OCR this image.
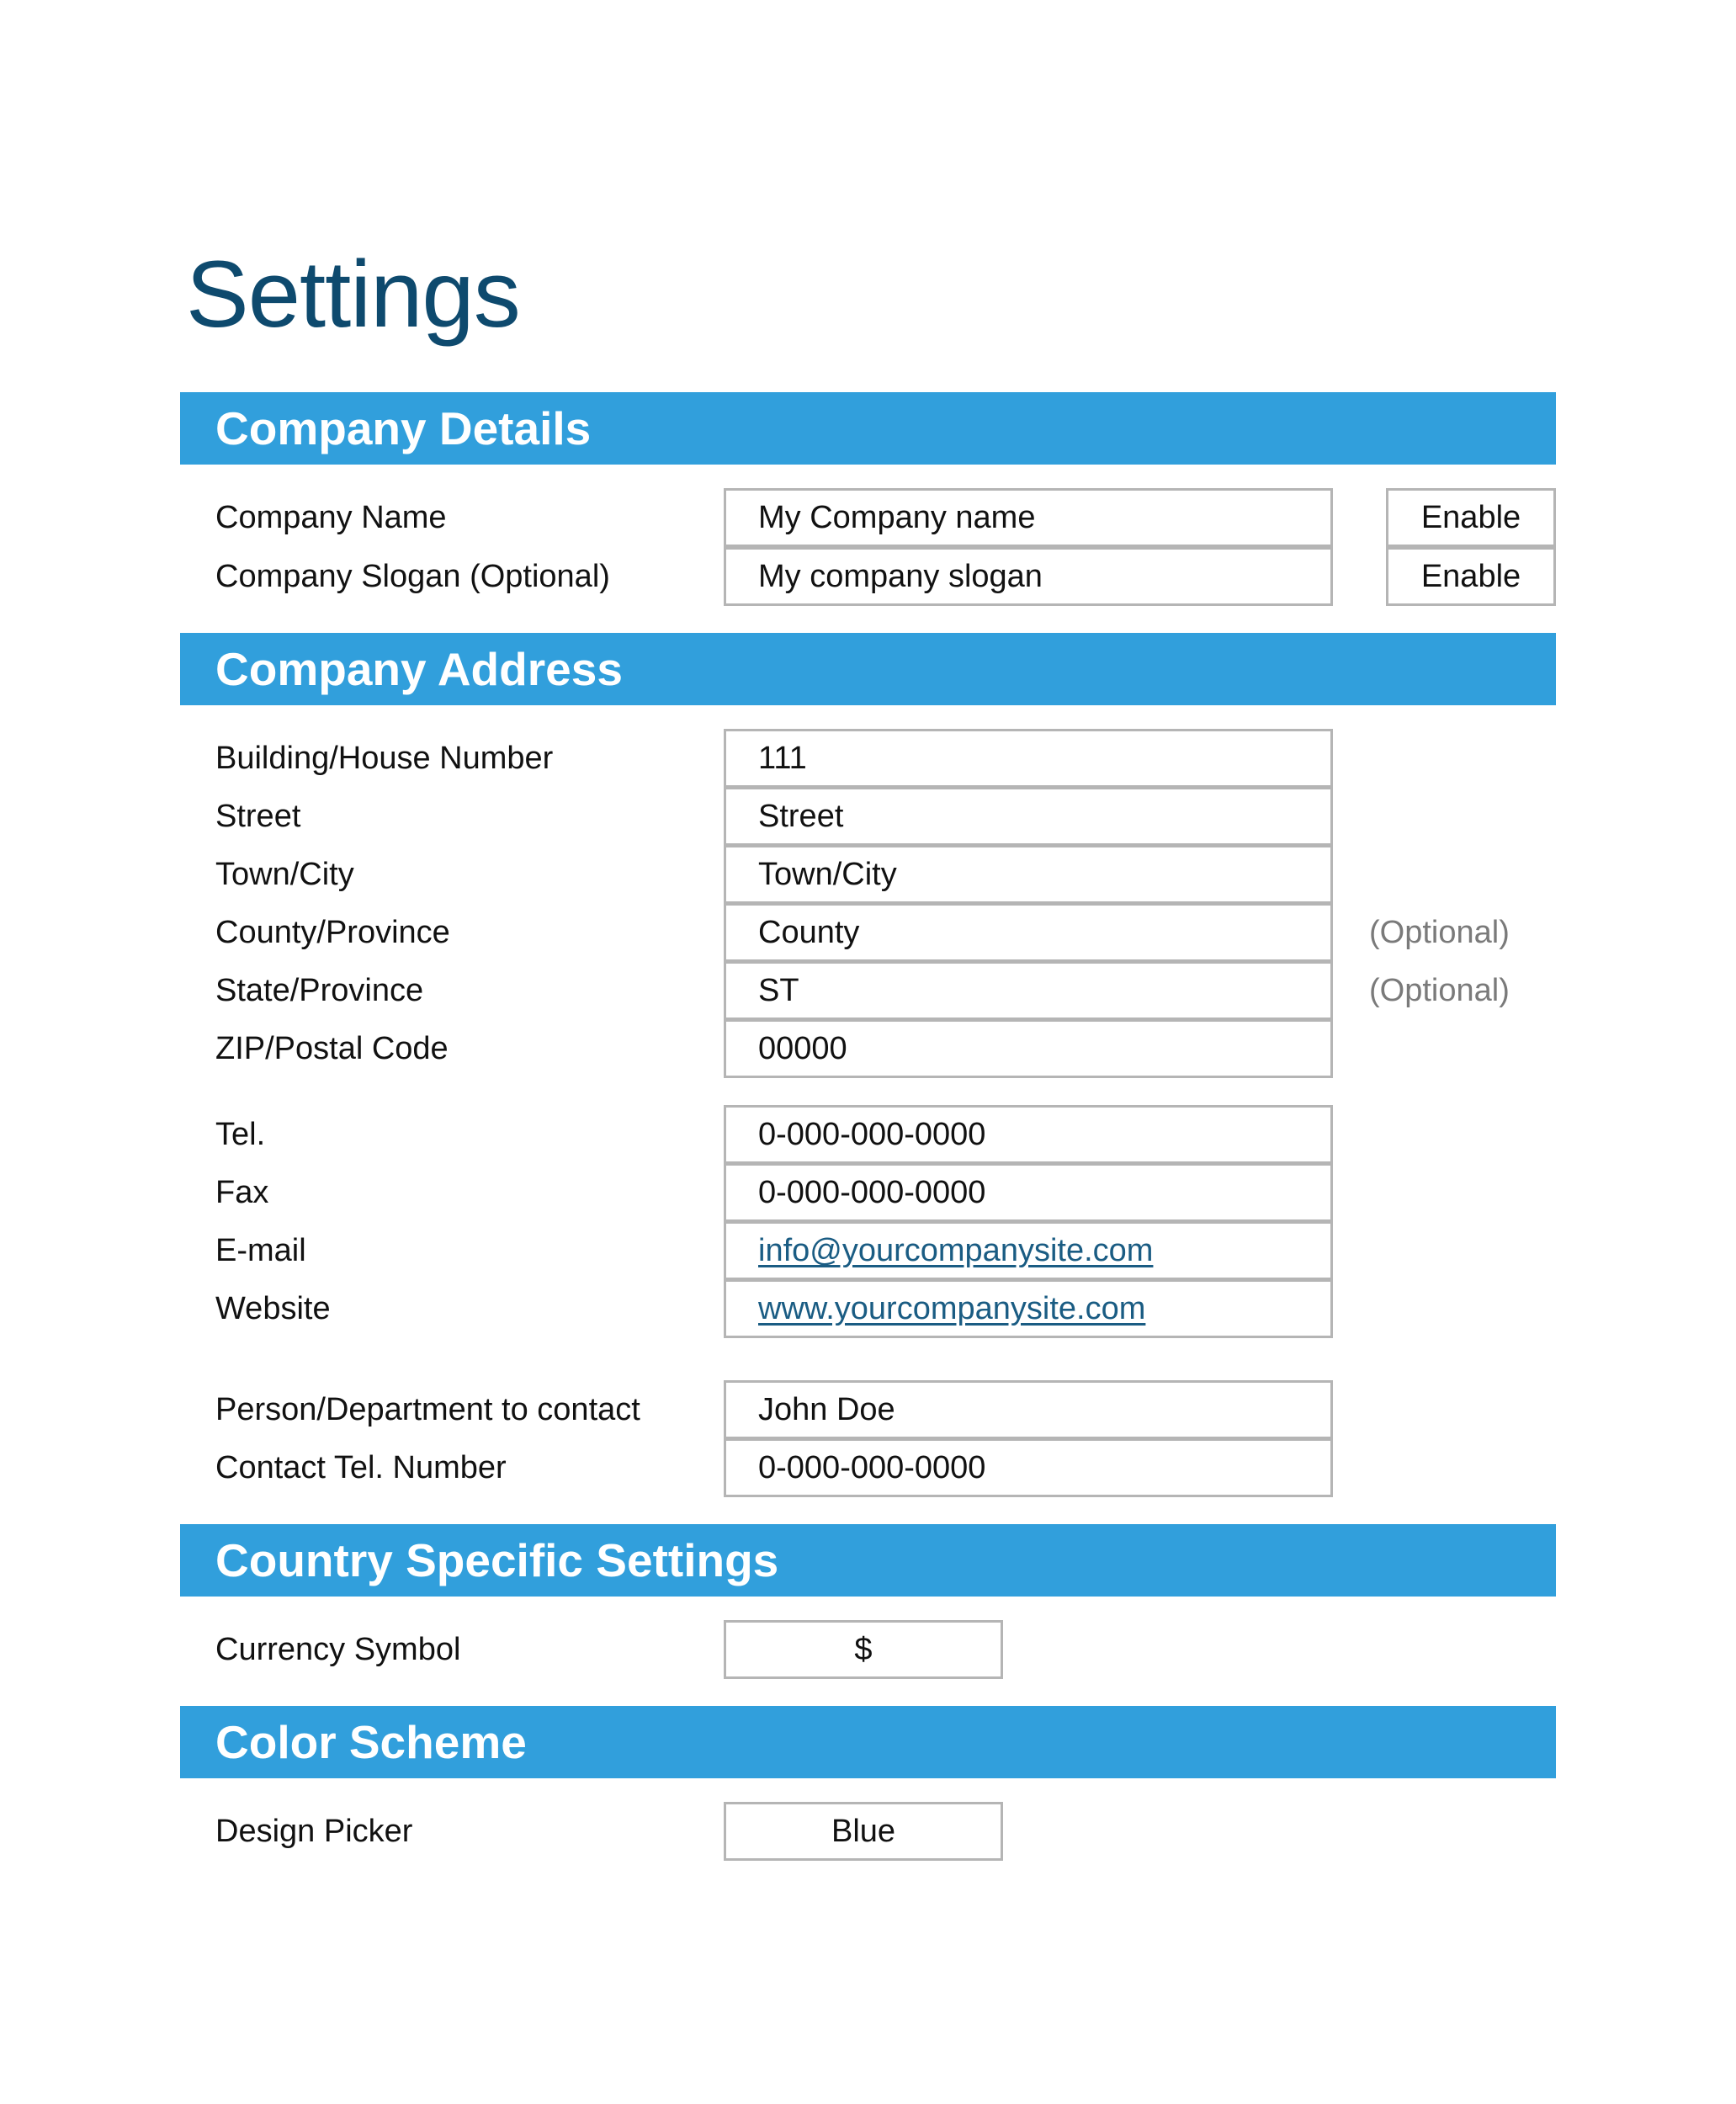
Settings
Company Details
Company Name	My Company name	Enable
Company Slogan (Optional)	My company slogan	Enable
Company Address
Building/House Number	111
Street	Street
Town/City	Town/City
County/Province	County	(Optional)
State/Province	ST	(Optional)
ZIP/Postal Code	00000
Tel.	0-000-000-0000
Fax	0-000-000-0000
E-mail	info@yourcompanysite.com
Website	www.yourcompanysite.com
Person/Department to contact	John Doe
Contact Tel. Number	0-000-000-0000
Country Specific Settings
Currency Symbol	$
Color Scheme
Design Picker	Blue
